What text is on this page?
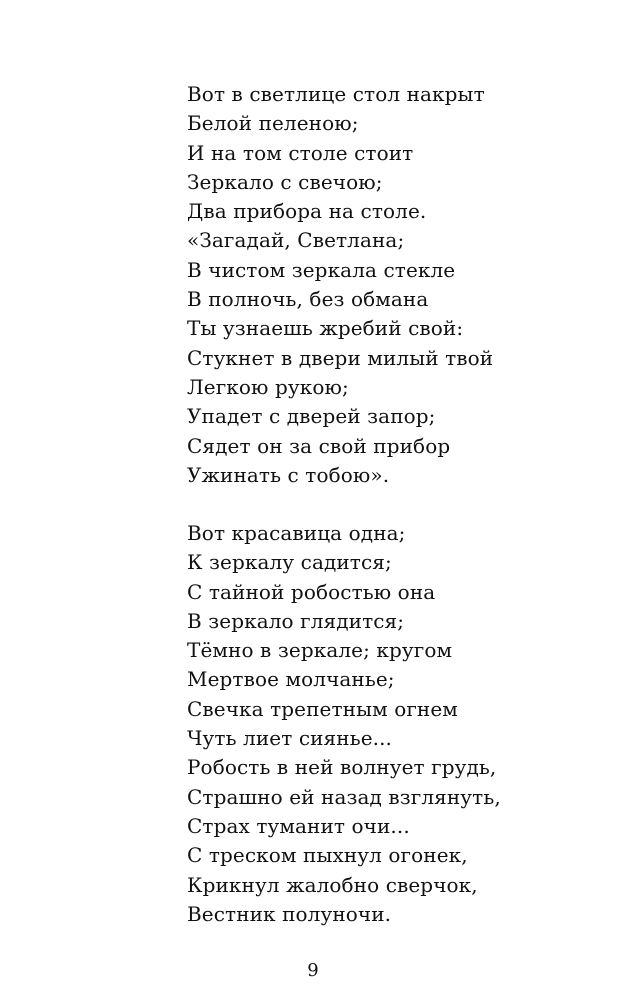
Вот в светлице стол накрыт
Белой пеленою;
И на том столе стоит
Зеркало с свечою;
Два прибора на столе.
«Загадай, Светлана;
В чистом зеркала стекле
В полночь, без обмана
Ты узнаешь жребий свой:
Стукнет в двери милый твой
Легкою рукою;
Упадет с дверей запор;
Сядет он за свой прибор
Ужинать с тобою».
Вот красавица одна;
К зеркалу садится;
С тайной робостью она
В зеркало глядится;
Тёмно в зеркале; кругом
Мертвое молчанье;
Свечка трепетным огнем
Чуть лиет сиянье...
Робость в ней волнует грудь,
Страшно ей назад взглянуть,
Страх туманит очи...
С треском пыхнул огонек,
Крикнул жалобно сверчок,
Вестник полуночи.
9
